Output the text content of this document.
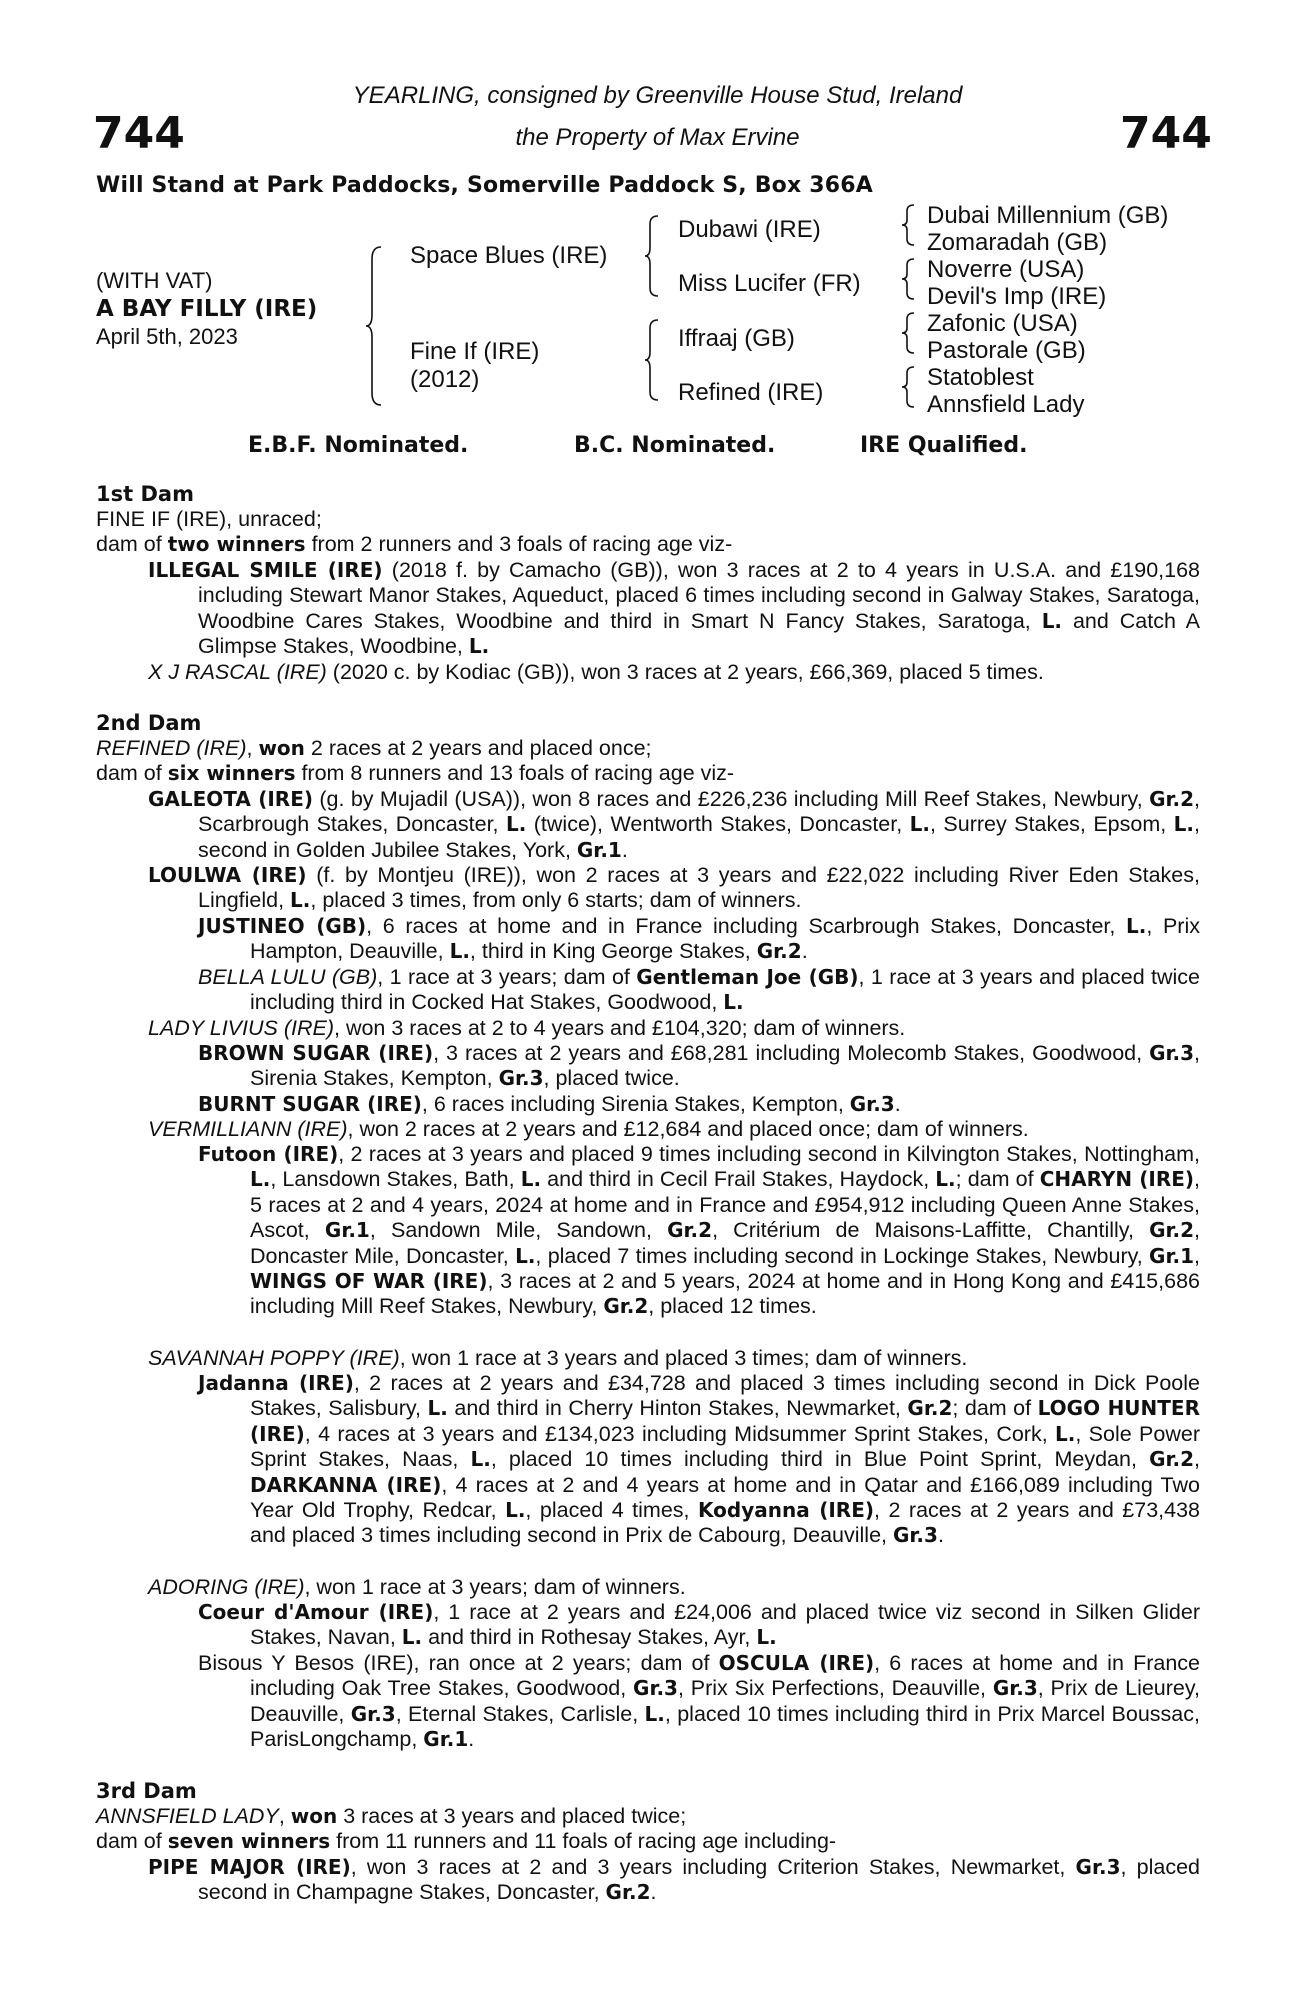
744	744
YEARLING, consigned by Greenville House Stud, Ireland
the Property of Max Ervine
Will Stand at Park Paddocks, Somerville Paddock S, Box 366A
(WITH VAT)
A BAY FILLY (IRE)
April 5th, 2023
Space Blues (IRE)
Fine If (IRE)
(2012)
Dubawi (IRE)
Miss Lucifer (FR)
Iffraaj (GB)
Refined (IRE)
Dubai Millennium (GB)
Zomaradah (GB)
Noverre (USA)
Devil's Imp (IRE)
Zafonic (USA)
Pastorale (GB)
Statoblest
Annsfield Lady
E.B.F. Nominated.	B.C. Nominated.	IRE Qualified.
1st Dam
FINE IF (IRE), unraced;
dam of two winners from 2 runners and 3 foals of racing age viz-
ILLEGAL SMILE (IRE) (2018 f. by Camacho (GB)), won 3 races at 2 to 4 years in U.S.A. and £190,168 including Stewart Manor Stakes, Aqueduct, placed 6 times including second in Galway Stakes, Saratoga, Woodbine Cares Stakes, Woodbine and third in Smart N Fancy Stakes, Saratoga, L. and Catch A Glimpse Stakes, Woodbine, L.
X J RASCAL (IRE) (2020 c. by Kodiac (GB)), won 3 races at 2 years, £66,369, placed 5 times.
2nd Dam
REFINED (IRE), won 2 races at 2 years and placed once;
dam of six winners from 8 runners and 13 foals of racing age viz-
GALEOTA (IRE) (g. by Mujadil (USA)), won 8 races and £226,236 including Mill Reef Stakes, Newbury, Gr.2, Scarbrough Stakes, Doncaster, L. (twice), Wentworth Stakes, Doncaster, L., Surrey Stakes, Epsom, L., second in Golden Jubilee Stakes, York, Gr.1.
LOULWA (IRE) (f. by Montjeu (IRE)), won 2 races at 3 years and £22,022 including River Eden Stakes, Lingfield, L., placed 3 times, from only 6 starts; dam of winners.
JUSTINEO (GB), 6 races at home and in France including Scarbrough Stakes, Doncaster, L., Prix Hampton, Deauville, L., third in King George Stakes, Gr.2.
BELLA LULU (GB), 1 race at 3 years; dam of Gentleman Joe (GB), 1 race at 3 years and placed twice including third in Cocked Hat Stakes, Goodwood, L.
LADY LIVIUS (IRE), won 3 races at 2 to 4 years and £104,320; dam of winners.
BROWN SUGAR (IRE), 3 races at 2 years and £68,281 including Molecomb Stakes, Goodwood, Gr.3, Sirenia Stakes, Kempton, Gr.3, placed twice.
BURNT SUGAR (IRE), 6 races including Sirenia Stakes, Kempton, Gr.3.
VERMILLIANN (IRE), won 2 races at 2 years and £12,684 and placed once; dam of winners.
Futoon (IRE), 2 races at 3 years and placed 9 times including second in Kilvington Stakes, Nottingham, L., Lansdown Stakes, Bath, L. and third in Cecil Frail Stakes, Haydock, L.; dam of CHARYN (IRE), 5 races at 2 and 4 years, 2024 at home and in France and £954,912 including Queen Anne Stakes, Ascot, Gr.1, Sandown Mile, Sandown, Gr.2, Critérium de Maisons-Laffitte, Chantilly, Gr.2, Doncaster Mile, Doncaster, L., placed 7 times including second in Lockinge Stakes, Newbury, Gr.1, WINGS OF WAR (IRE), 3 races at 2 and 5 years, 2024 at home and in Hong Kong and £415,686 including Mill Reef Stakes, Newbury, Gr.2, placed 12 times.
SAVANNAH POPPY (IRE), won 1 race at 3 years and placed 3 times; dam of winners.
Jadanna (IRE), 2 races at 2 years and £34,728 and placed 3 times including second in Dick Poole Stakes, Salisbury, L. and third in Cherry Hinton Stakes, Newmarket, Gr.2; dam of LOGO HUNTER (IRE), 4 races at 3 years and £134,023 including Midsummer Sprint Stakes, Cork, L., Sole Power Sprint Stakes, Naas, L., placed 10 times including third in Blue Point Sprint, Meydan, Gr.2, DARKANNA (IRE), 4 races at 2 and 4 years at home and in Qatar and £166,089 including Two Year Old Trophy, Redcar, L., placed 4 times, Kodyanna (IRE), 2 races at 2 years and £73,438 and placed 3 times including second in Prix de Cabourg, Deauville, Gr.3.
ADORING (IRE), won 1 race at 3 years; dam of winners.
Coeur d'Amour (IRE), 1 race at 2 years and £24,006 and placed twice viz second in Silken Glider Stakes, Navan, L. and third in Rothesay Stakes, Ayr, L.
Bisous Y Besos (IRE), ran once at 2 years; dam of OSCULA (IRE), 6 races at home and in France including Oak Tree Stakes, Goodwood, Gr.3, Prix Six Perfections, Deauville, Gr.3, Prix de Lieurey, Deauville, Gr.3, Eternal Stakes, Carlisle, L., placed 10 times including third in Prix Marcel Boussac, ParisLongchamp, Gr.1.
3rd Dam
ANNSFIELD LADY, won 3 races at 3 years and placed twice;
dam of seven winners from 11 runners and 11 foals of racing age including-
PIPE MAJOR (IRE), won 3 races at 2 and 3 years including Criterion Stakes, Newmarket, Gr.3, placed second in Champagne Stakes, Doncaster, Gr.2.
